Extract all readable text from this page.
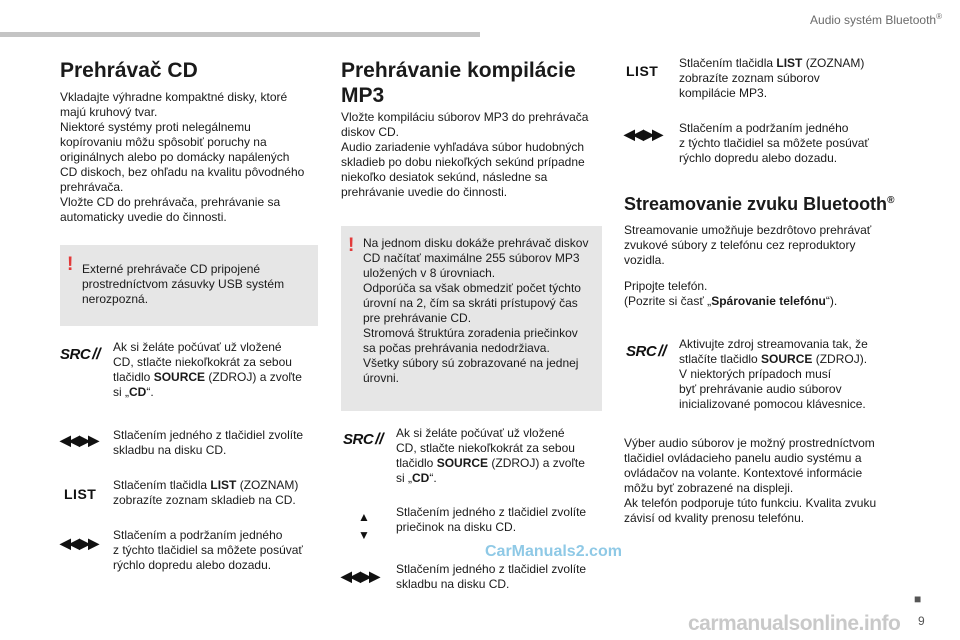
Audio systém Bluetooth®
Prehrávač CD

Vkladajte výhradne kompaktné disky, ktoré
majú kruhový tvar.
Niektoré systémy proti nelegálnemu
kopírovaniu môžu spôsobiť poruchy na
originálnych alebo po domácky napálených
CD diskoch, bez ohľadu na kvalitu pôvodného
prehrávača.
Vložte CD do prehrávača, prehrávanie sa
automaticky uvedie do činnosti.

! Externé prehrávače CD pripojené
prostredníctvom zásuvky USB systém
nerozpozná.
SRC // Ak si želáte počúvať už vložené
CD, stlačte niekoľkokrát za sebou
tlačidlo SOURCE (ZDROJ) a zvoľte
si „CD“.
◀◀ ▶▶ Stlačením jedného z tlačidiel zvolíte
skladbu na disku CD.
LIST
Stlačením tlačidla LIST (ZOZNAM)
zobrazíte zoznam skladieb na CD.
◀◀ ▶▶ Stlačením a podržaním jedného
z týchto tlačidiel sa môžete posúvať
rýchlo dopredu alebo dozadu.
Prehrávanie kompilácie
MP3

Vložte kompiláciu súborov MP3 do prehrávača
diskov CD.
Audio zariadenie vyhľadáva súbor hudobných
skladieb po dobu niekoľkých sekúnd prípadne
niekoľko desiatok sekúnd, následne sa
prehrávanie uvedie do činnosti.

! Na jednom disku dokáže prehrávač diskov
CD načítať maximálne 255 súborov MP3
uložených v 8 úrovniach.
Odporúča sa však obmedziť počet týchto
úrovní na 2, čím sa skráti prístupový čas
pre prehrávanie CD.
Stromová štruktúra zoradenia priečinkov
sa počas prehrávania nedodržiava.
Všetky súbory sú zobrazované na jednej
úrovni.
SRC // Ak si želáte počúvať už vložené
CD, stlačte niekoľkokrát za sebou
tlačidlo SOURCE (ZDROJ) a zvoľte
si „CD“.
▲
▼
Stlačením jedného z tlačidiel zvolíte
priečinok na disku CD.
◀◀ ▶▶ Stlačením jedného z tlačidiel zvolíte
skladbu na disku CD.
CarManuals2.com
LIST Stlačením tlačidla LIST (ZOZNAM)
zobrazíte zoznam súborov
kompilácie MP3.
◀◀ ▶▶ Stlačením a podržaním jedného
z týchto tlačidiel sa môžete posúvať
rýchlo dopredu alebo dozadu.
Streamovanie zvuku Bluetooth®

Streamovanie umožňuje bezdrôtovo prehrávať
zvukové súbory z telefónu cez reproduktory
vozidla.

Pripojte telefón.
(Pozrite si časť „Spárovanie telefónu“).

SRC // Aktivujte zdroj streamovania tak, že
stlačíte tlačidlo SOURCE (ZDROJ).
V niektorých prípadoch musí
byť prehrávanie audio súborov
inicializované pomocou klávesnice.

Výber audio súborov je možný prostredníctvom
tlačidiel ovládacieho panelu audio systému a
ovládačov na volante. Kontextové informácie
môžu byť zobrazené na displeji.
Ak telefón podporuje túto funkciu. Kvalita zvuku
závisí od kvality prenosu telefónu.

carmanualsonline.info
■
9
